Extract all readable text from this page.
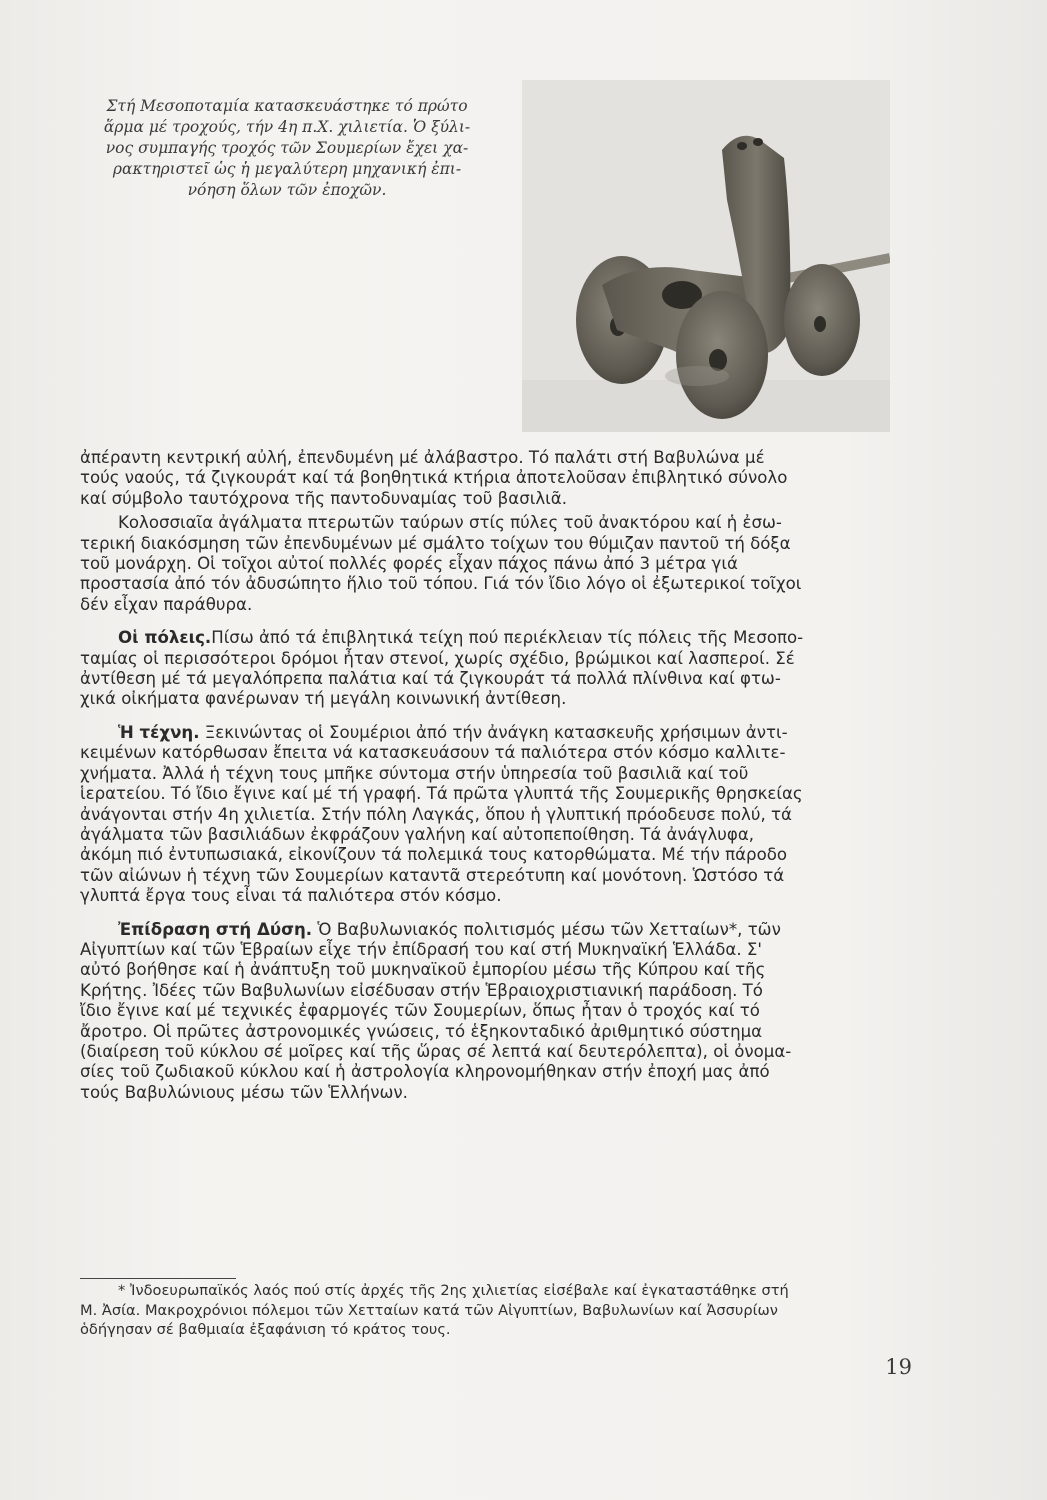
Στή Μεσοποταμία κατασκευάστηκε τό πρώτο
ἅρμα μέ τροχούς, τήν 4η π.Χ. χιλιετία. Ὁ ξύλι-
νος συμπαγής τροχός τῶν Σουμερίων ἔχει χα-
ρακτηριστεῖ ὡς ἡ μεγαλύτερη μηχανική ἐπι-
νόηση ὅλων τῶν ἐποχῶν.
ἀπέραντη κεντρική αὐλή, ἐπενδυμένη μέ ἀλάβαστρο. Τό παλάτι στή Βαβυλώνα μέ
τούς ναούς, τά ζιγκουράτ καί τά βοηθητικά κτήρια ἀποτελοῦσαν ἐπιβλητικό σύνολο
καί σύμβολο ταυτόχρονα τῆς παντοδυναμίας τοῦ βασιλιᾶ.
Κολοσσιαῖα ἀγάλματα πτερωτῶν ταύρων στίς πύλες τοῦ ἀνακτόρου καί ἡ ἐσω-
τερική διακόσμηση τῶν ἐπενδυμένων μέ σμάλτο τοίχων του θύμιζαν παντοῦ τή δόξα
τοῦ μονάρχη. Οἱ τοῖχοι αὐτοί πολλές φορές εἶχαν πάχος πάνω ἀπό 3 μέτρα γιά
προστασία ἀπό τόν ἀδυσώπητο ἥλιο τοῦ τόπου. Γιά τόν ἴδιο λόγο οἱ ἐξωτερικοί τοῖχοι
δέν εἶχαν παράθυρα.
Οἱ πόλεις.Πίσω ἀπό τά ἐπιβλητικά τείχη πού περιέκλειαν τίς πόλεις τῆς Μεσοπο-
ταμίας οἱ περισσότεροι δρόμοι ἦταν στενοί, χωρίς σχέδιο, βρώμικοι καί λασπεροί. Σέ
ἀντίθεση μέ τά μεγαλόπρεπα παλάτια καί τά ζιγκουράτ τά πολλά πλίνθινα καί φτω-
χικά οἰκήματα φανέρωναν τή μεγάλη κοινωνική ἀντίθεση.
Ἡ τέχνη. Ξεκινώντας οἱ Σουμέριοι ἀπό τήν ἀνάγκη κατασκευῆς χρήσιμων ἀντι-
κειμένων κατόρθωσαν ἔπειτα νά κατασκευάσουν τά παλιότερα στόν κόσμο καλλιτε-
χνήματα. Ἀλλά ἡ τέχνη τους μπῆκε σύντομα στήν ὑπηρεσία τοῦ βασιλιᾶ καί τοῦ
ἱερατείου. Τό ἴδιο ἔγινε καί μέ τή γραφή. Τά πρῶτα γλυπτά τῆς Σουμερικῆς θρησκείας
ἀνάγονται στήν 4η χιλιετία. Στήν πόλη Λαγκάς, ὅπου ἡ γλυπτική πρόοδευσε πολύ, τά
ἀγάλματα τῶν βασιλιάδων ἐκφράζουν γαλήνη καί αὐτοπεποίθηση. Τά ἀνάγλυφα,
ἀκόμη πιό ἐντυπωσιακά, εἰκονίζουν τά πολεμικά τους κατορθώματα. Μέ τήν πάροδο
τῶν αἰώνων ἡ τέχνη τῶν Σουμερίων καταντᾶ στερεότυπη καί μονότονη. Ὡστόσο τά
γλυπτά ἔργα τους εἶναι τά παλιότερα στόν κόσμο.
Ἐπίδραση στή Δύση. Ὁ Βαβυλωνιακός πολιτισμός μέσω τῶν Χετταίων*, τῶν
Αἰγυπτίων καί τῶν Ἑβραίων εἶχε τήν ἐπίδρασή του καί στή Μυκηναϊκή Ἑλλάδα. Σ'
αὐτό βοήθησε καί ἡ ἀνάπτυξη τοῦ μυκηναϊκοῦ ἐμπορίου μέσω τῆς Κύπρου καί τῆς
Κρήτης. Ἰδέες τῶν Βαβυλωνίων εἰσέδυσαν στήν Ἑβραιοχριστιανική παράδοση. Τό
ἴδιο ἔγινε καί μέ τεχνικές ἐφαρμογές τῶν Σουμερίων, ὅπως ἦταν ὁ τροχός καί τό
ἄροτρο. Οἱ πρῶτες ἀστρονομικές γνώσεις, τό ἑξηκονταδικό ἀριθμητικό σύστημα
(διαίρεση τοῦ κύκλου σέ μοῖρες καί τῆς ὥρας σέ λεπτά καί δευτερόλεπτα), οἱ ὀνομα-
σίες τοῦ ζωδιακοῦ κύκλου καί ἡ ἀστρολογία κληρονομήθηκαν στήν ἐποχή μας ἀπό
τούς Βαβυλώνιους μέσω τῶν Ἑλλήνων.
* Ἰνδοευρωπαϊκός λαός πού στίς ἀρχές τῆς 2ης χιλιετίας εἰσέβαλε καί ἐγκαταστάθηκε στή
Μ. Ἀσία. Μακροχρόνιοι πόλεμοι τῶν Χετταίων κατά τῶν Αἰγυπτίων, Βαβυλωνίων καί Ἀσσυρίων
ὁδήγησαν σέ βαθμιαία ἐξαφάνιση τό κράτος τους.
19
